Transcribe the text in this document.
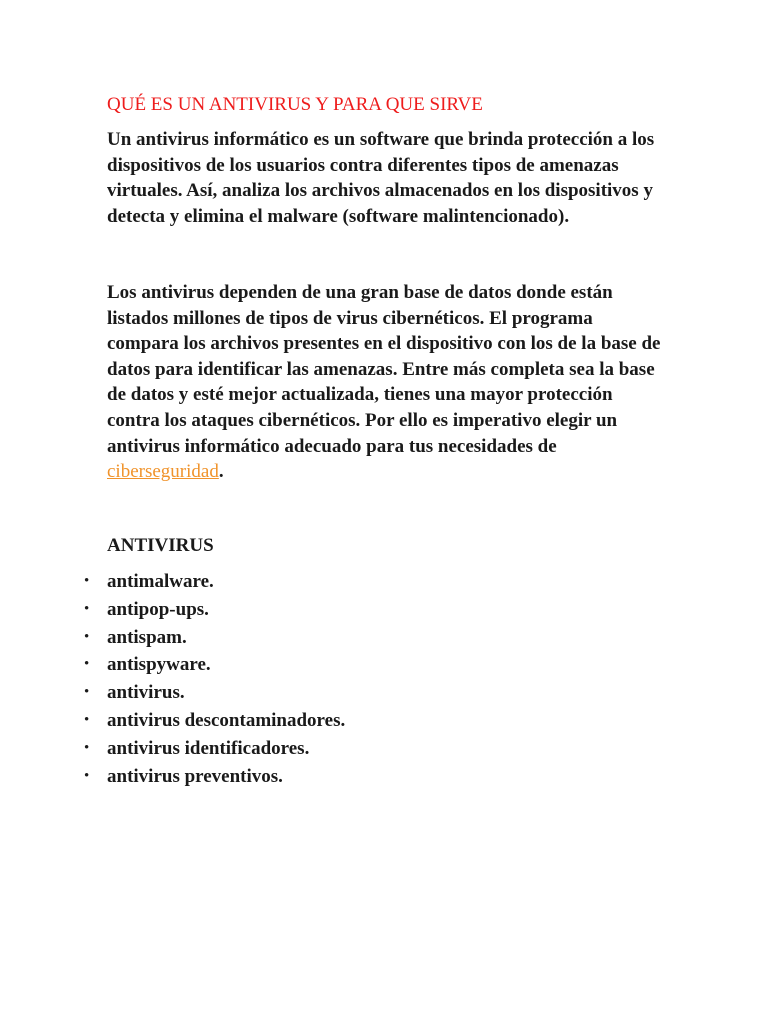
QUÉ ES UN ANTIVIRUS Y PARA QUE SIRVE

Un antivirus informático es un software que brinda protección a los dispositivos de los usuarios contra diferentes tipos de amenazas virtuales. Así, analiza los archivos almacenados en los dispositivos y detecta y elimina el malware (software malintencionado).

Los antivirus dependen de una gran base de datos donde están listados millones de tipos de virus cibernéticos. El programa compara los archivos presentes en el dispositivo con los de la base de datos para identificar las amenazas. Entre más completa sea la base de datos y esté mejor actualizada, tienes una mayor protección contra los ataques cibernéticos. Por ello es imperativo elegir un antivirus informático adecuado para tus necesidades de ciberseguridad.

ANTIVIRUS
• antimalware.
• antipop-ups.
• antispam.
• antispyware.
• antivirus.
• antivirus descontaminadores.
• antivirus identificadores.
• antivirus preventivos.
